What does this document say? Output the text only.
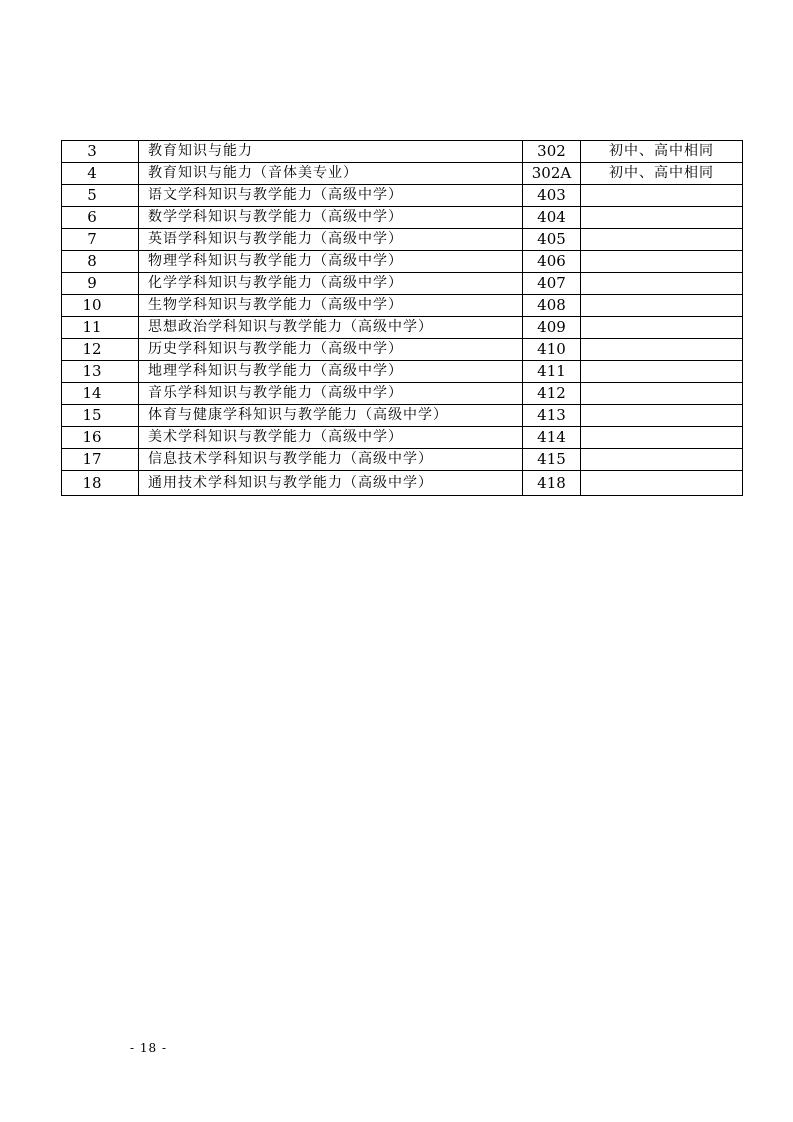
3	教育知识与能力	302	初中、高中相同
4	教育知识与能力（音体美专业）	302A	初中、高中相同
5	语文学科知识与教学能力（高级中学）	403	
6	数学学科知识与教学能力（高级中学）	404	
7	英语学科知识与教学能力（高级中学）	405	
8	物理学科知识与教学能力（高级中学）	406	
9	化学学科知识与教学能力（高级中学）	407	
10	生物学科知识与教学能力（高级中学）	408	
11	思想政治学科知识与教学能力（高级中学）	409	
12	历史学科知识与教学能力（高级中学）	410	
13	地理学科知识与教学能力（高级中学）	411	
14	音乐学科知识与教学能力（高级中学）	412	
15	体育与健康学科知识与教学能力（高级中学）	413	
16	美术学科知识与教学能力（高级中学）	414	
17	信息技术学科知识与教学能力（高级中学）	415	
18	通用技术学科知识与教学能力（高级中学）	418	
- 18 -
